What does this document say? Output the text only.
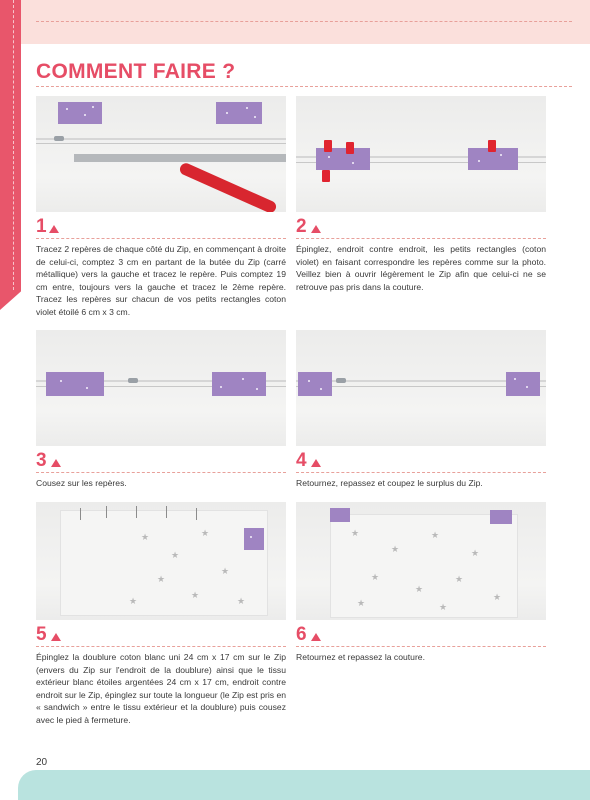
COMMENT FAIRE ?
1

Tracez 2 repères de chaque côté du Zip, en commençant à droite de celui-ci, comptez 3 cm en partant de la butée du Zip (carré métallique) vers la gauche et tracez le repère. Puis comptez 19 cm entre, toujours vers la gauche et tracez le 2ème repère. Tracez les repères sur chacun de vos petits rectangles coton violet étoilé 6 cm x 3 cm.

2

Épinglez, endroit contre endroit, les petits rectangles (coton violet) en faisant correspondre les repères comme sur la photo. Veillez bien à ouvrir légèrement le Zip afin que celui-ci ne se retrouve pas pris dans la couture.

3

Cousez sur les repères.

4

Retournez, repassez et coupez le surplus du Zip.

★
★
★
★
★
★
★	★
5

Épinglez la doublure coton blanc uni 24 cm x 17 cm sur le Zip (envers du Zip sur l'endroit de la doublure) ainsi que le tissu extérieur blanc étoiles argentées 24 cm x 17 cm, endroit contre endroit sur le Zip, épinglez sur toute la longueur (le Zip est pris en « sandwich » entre le tissu extérieur et la doublure) puis cousez avec le pied à fermeture.

★
★
★
★
★
★
★
★
★	★
6

Retournez et repassez la couture.

20
